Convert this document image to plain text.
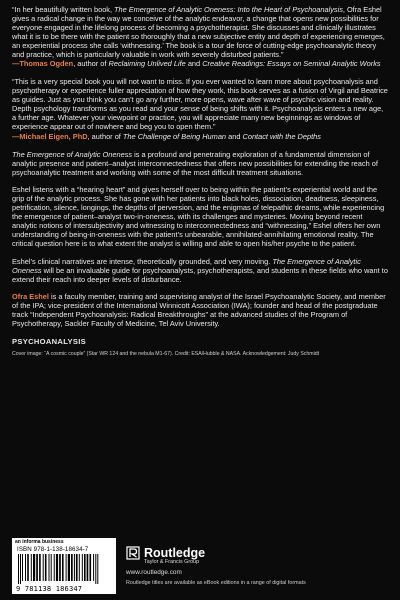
“In her beautifully written book, The Emergence of Analytic Oneness: Into the Heart of Psychoanalysis, Ofra Eshel gives a radical change in the way we conceive of the analytic endeavor, a change that opens new possibilities for everyone engaged in the lifelong process of becoming a psychotherapist. She discusses and clinically illustrates what it is to be there with the patient so thoroughly that a new subjective entity and depth of experiencing emerges, an experiential process she calls ‘withnessing.’ The book is a tour de force of cutting-edge psychoanalytic theory and practice, which is particularly valuable in work with severely disturbed patients.”

—Thomas Ogden, author of Reclaiming Unlived Life and Creative Readings: Essays on Seminal Analytic Works

“This is a very special book you will not want to miss. If you ever wanted to learn more about psychoanalysis and psychotherapy or experience fuller appreciation of how they work, this book serves as a fusion of Virgil and Beatrice as guides. Just as you think you can’t go any further, more opens, wave after wave of psychic vision and reality. Depth psychology transforms as you read and your sense of being shifts with it. Psychoanalysis enters a new age, a further age. Whatever your viewpoint or practice, you will appreciate many new beginnings as windows of experience appear out of nowhere and beg you to open them.”

—Michael Eigen, PhD, author of The Challenge of Being Human and Contact with the Depths

The Emergence of Analytic Oneness is a profound and penetrating exploration of a fundamental dimension of analytic presence and patient–analyst interconnectedness that offers new possibilities for extending the reach of psychoanalytic treatment and working with some of the most difficult treatment situations.

Eshel listens with a “hearing heart” and gives herself over to being within the patient’s experiential world and the grip of the analytic process. She has gone with her patients into black holes, dissociation, deadness, sleepiness, petrification, silence, longings, the depths of perversion, and the enigmas of telepathic dreams, while experiencing the emergence of patient–analyst two-in-oneness, with its challenges and mysteries. Moving beyond recent analytic notions of intersubjectivity and witnessing to interconnectedness and “withnessing,” Eshel offers her own understanding of being-in-oneness with the patient’s unbearable, annihilated-annihilating emotional reality. The critical question here is to what extent the analyst is willing and able to open his/her psyche to the patient.

Eshel’s clinical narratives are intense, theoretically grounded, and very moving. The Emergence of Analytic Oneness will be an invaluable guide for psychoanalysts, psychotherapists, and students in these fields who want to extend their reach into deeper levels of disturbance.

Ofra Eshel is a faculty member, training and supervising analyst of the Israel Psychoanalytic Society, and member of the IPA; vice-president of the International Winnicott Association (IWA); founder and head of the postgraduate track “Independent Psychoanalysis: Radical Breakthroughs” at the advanced studies of the Program of Psychotherapy, Sackler Faculty of Medicine, Tel Aviv University.

PSYCHOANALYSIS

Cover image: “A cosmic couple” (Star WR 124 and the nebula M1-67). Credit: ESA/Hubble & NASA. Acknowledgement: Judy Schmidt

an informa business
ISBN 978-1-138-18634-7
9 781138 186347
Routledge
Taylor & Francis Group
www.routledge.com
Routledge titles are available as eBook editions in a range of digital formats
